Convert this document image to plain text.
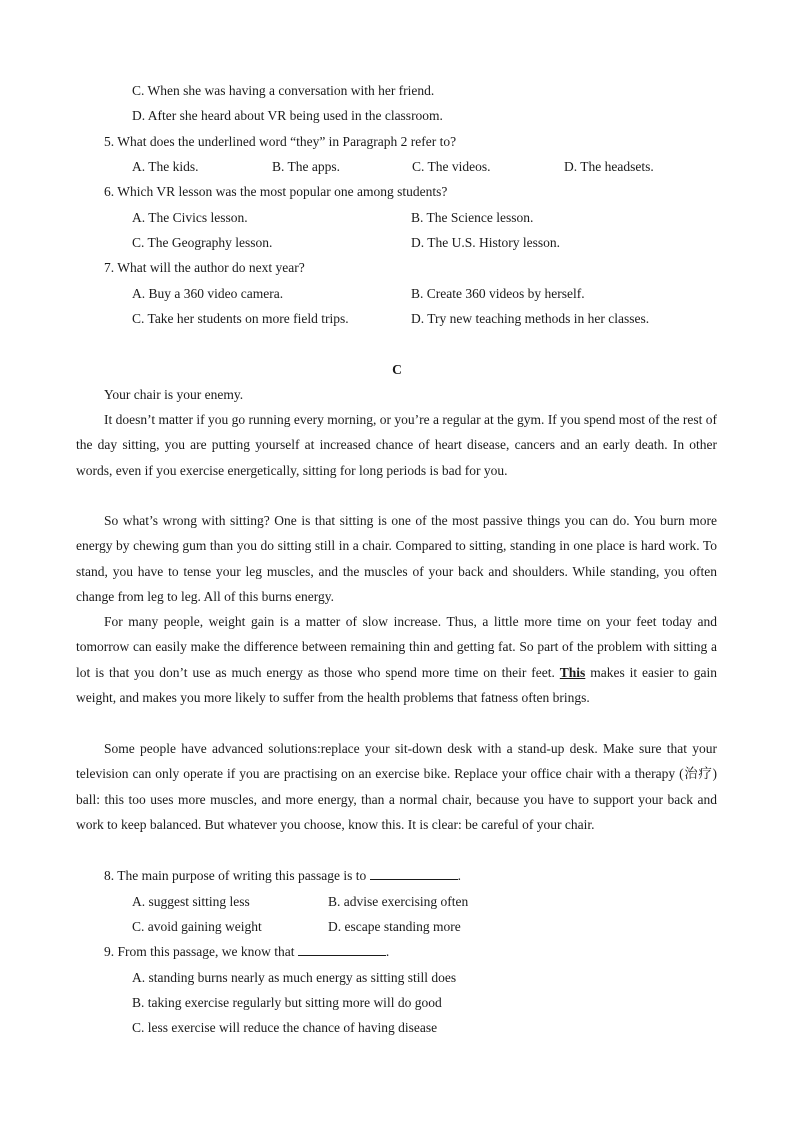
C. When she was having a conversation with her friend.
D. After she heard about VR being used in the classroom.
5. What does the underlined word “they” in Paragraph 2 refer to?
A. The kids.	B. The apps.	C. The videos.	D. The headsets.
6. Which VR lesson was the most popular one among students?
A. The Civics lesson.	B. The Science lesson.
C. The Geography lesson.	D. The U.S. History lesson.
7. What will the author do next year?
A. Buy a 360 video camera.	B. Create 360 videos by herself.
C. Take her students on more field trips.	D. Try new teaching methods in her classes.
C
Your chair is your enemy.

It doesn’t matter if you go running every morning, or you’re a regular at the gym. If you spend most of the rest of the day sitting, you are putting yourself at increased chance of heart disease, cancers and an early death. In other words, even if you exercise energetically, sitting for long periods is bad for you.

So what’s wrong with sitting? One is that sitting is one of the most passive things you can do. You burn more energy by chewing gum than you do sitting still in a chair. Compared to sitting, standing in one place is hard work. To stand, you have to tense your leg muscles, and the muscles of your back and shoulders. While standing, you often change from leg to leg. All of this burns energy.

For many people, weight gain is a matter of slow increase. Thus, a little more time on your feet today and tomorrow can easily make the difference between remaining thin and getting fat. So part of the problem with sitting a lot is that you don’t use as much energy as those who spend more time on their feet. This makes it easier to gain weight, and makes you more likely to suffer from the health problems that fatness often brings.

Some people have advanced solutions:replace your sit-down desk with a stand-up desk. Make sure that your television can only operate if you are practising on an exercise bike. Replace your office chair with a therapy (治疗) ball: this too uses more muscles, and more energy, than a normal chair, because you have to support your back and work to keep balanced. But whatever you choose, know this. It is clear: be careful of your chair.

8. The main purpose of writing this passage is to	.
A. suggest sitting less	B. advise exercising often
C. avoid gaining weight	D. escape standing more
9. From this passage, we know that	.
A. standing burns nearly as much energy as sitting still does
B. taking exercise regularly but sitting more will do good
C. less exercise will reduce the chance of having disease
